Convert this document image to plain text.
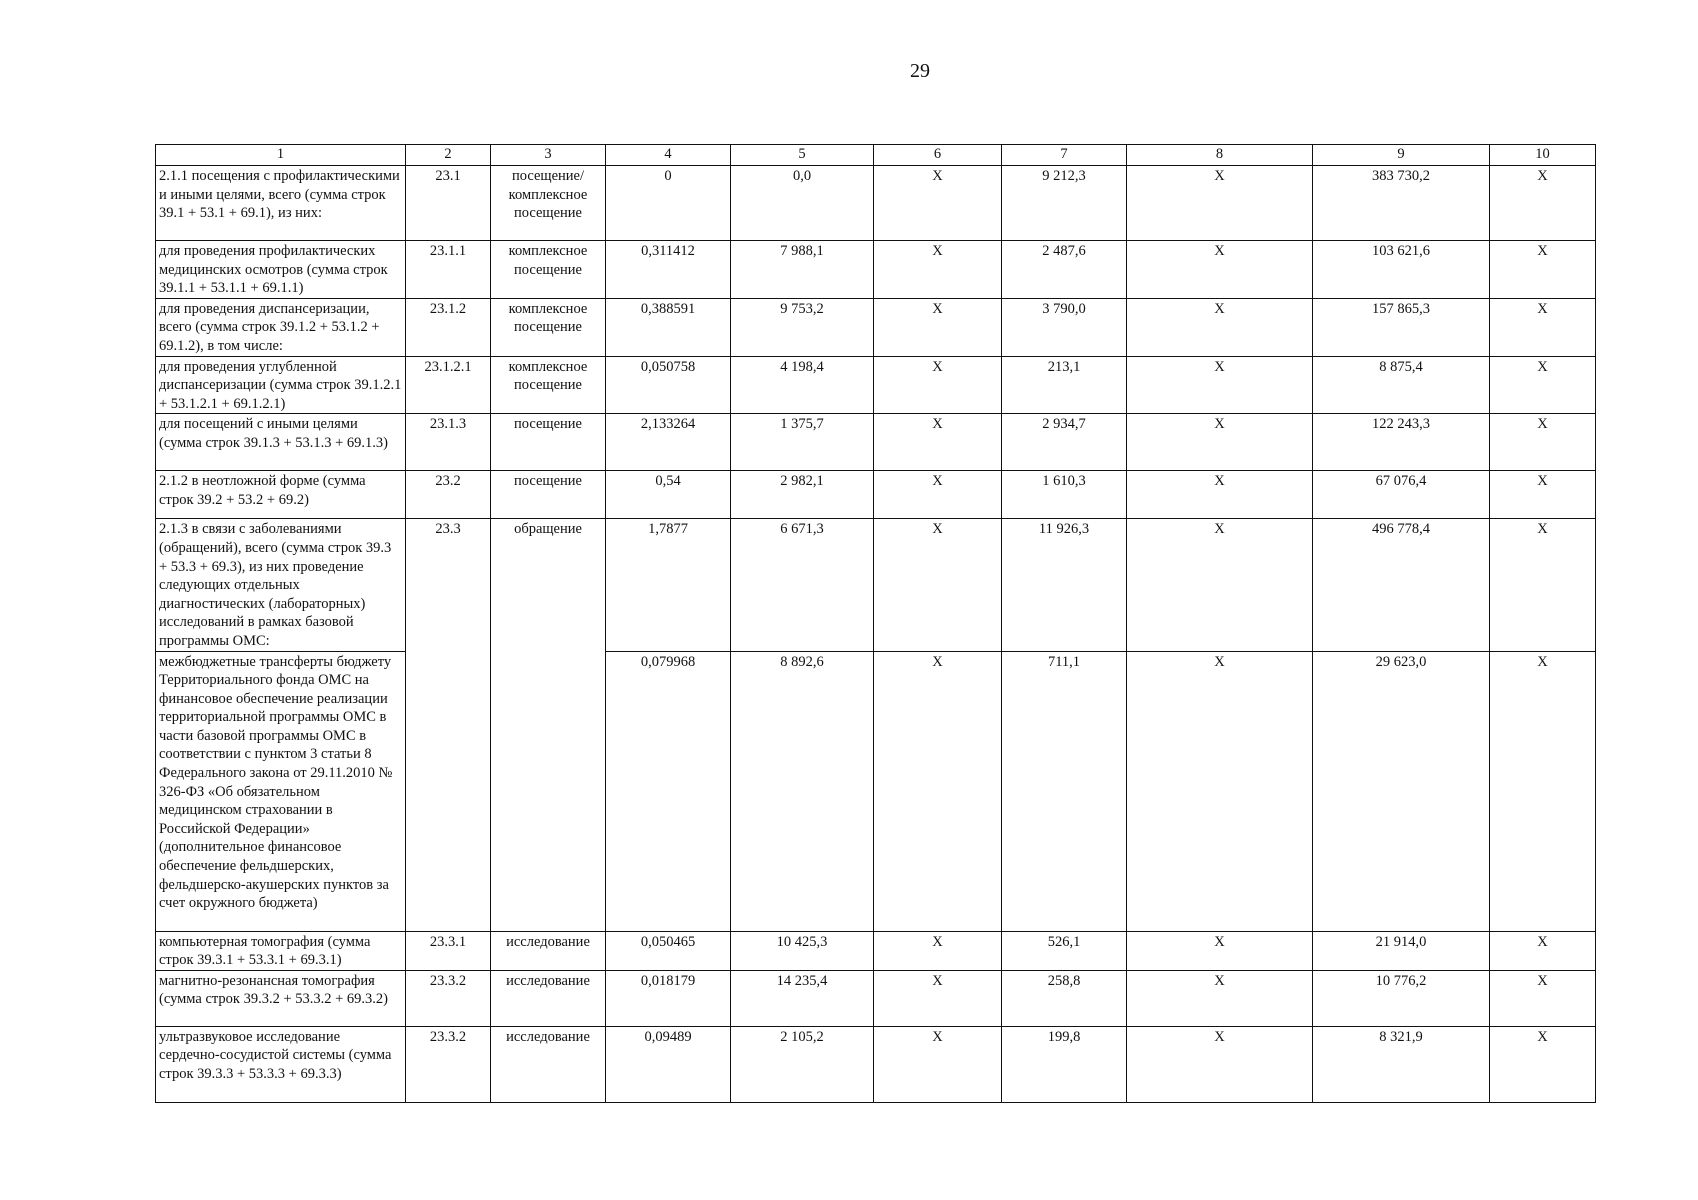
29
1	2	3	4	5	6	7	8	9	10
2.1.1 посещения с профилактическими и иными целями, всего (сумма строк 39.1 + 53.1 + 69.1), из них:	23.1	посещение/ комплексное посещение	0	0,0	X	9 212,3	X	383 730,2	X
для проведения профилактических медицинских осмотров (сумма строк 39.1.1 + 53.1.1 + 69.1.1)	23.1.1	комплексное посещение	0,311412	7 988,1	X	2 487,6	X	103 621,6	X
для проведения диспансеризации, всего (сумма строк 39.1.2 + 53.1.2 + 69.1.2), в том числе:	23.1.2	комплексное посещение	0,388591	9 753,2	X	3 790,0	X	157 865,3	X
для проведения углубленной диспансеризации (сумма строк 39.1.2.1 + 53.1.2.1 + 69.1.2.1)	23.1.2.1	комплексное посещение	0,050758	4 198,4	X	213,1	X	8 875,4	X
для посещений с иными целями (сумма строк 39.1.3 + 53.1.3 + 69.1.3)	23.1.3	посещение	2,133264	1 375,7	X	2 934,7	X	122 243,3	X
2.1.2 в неотложной форме (сумма строк 39.2 + 53.2 + 69.2)	23.2	посещение	0,54	2 982,1	X	1 610,3	X	67 076,4	X
2.1.3 в связи с заболеваниями (обращений), всего (сумма строк 39.3 + 53.3 + 69.3), из них проведение следующих отдельных диагностических (лабораторных) исследований в рамках базовой программы ОМС:	23.3	обращение	1,7877	6 671,3	X	11 926,3	X	496 778,4	X
межбюджетные трансферты бюджету Территориального фонда ОМС на финансовое обеспечение реализации территориальной программы ОМС в части базовой программы ОМС в соответствии с пунктом 3 статьи 8 Федерального закона от 29.11.2010 № 326-ФЗ «Об обязательном медицинском страховании в Российской Федерации» (дополнительное финансовое обеспечение фельдшерских, фельдшерско-акушерских пунктов за счет окружного бюджета)			0,079968	8 892,6	X	711,1	X	29 623,0	X
компьютерная томография (сумма строк 39.3.1 + 53.3.1 + 69.3.1)	23.3.1	исследование	0,050465	10 425,3	X	526,1	X	21 914,0	X
магнитно-резонансная томография (сумма строк 39.3.2 + 53.3.2 + 69.3.2)	23.3.2	исследование	0,018179	14 235,4	X	258,8	X	10 776,2	X
ультразвуковое исследование сердечно-сосудистой системы (сумма строк 39.3.3 + 53.3.3 + 69.3.3)	23.3.2	исследование	0,09489	2 105,2	X	199,8	X	8 321,9	X
